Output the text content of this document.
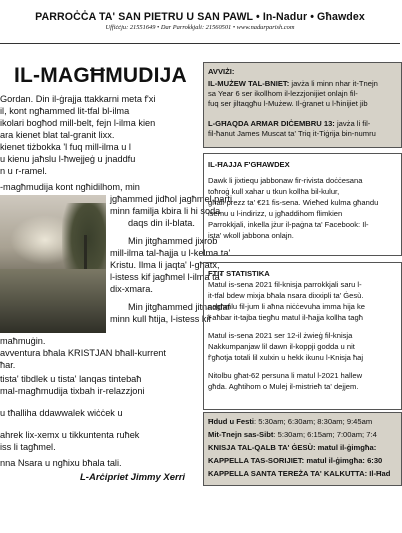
PARROĊĊA TA' SAN PIETRU U SAN PAWL • In-Nadur • Għawdex
Uffiċċju: 21551649 • Dar Parrokkjali: 21560501 • www.nadurparish.com
IL-MAGĦMUDIJA
Gordan. Din il-ġrajja ttakkarni meta f'xi
il, kont ngħammed lit-tfal bl-ilma
ikolari bogħod mill-belt, fejn l-ilma kien
ara kienet blat tal-granit lixx.
kienet tiżbokka 'l fuq mill-ilma u l
u kienu jaħslu l-ħwejjeġ u jnaddfu
n u r-ramel.
-magħmudija kont ngħidilhom, min
jgħammed jidħol jagħmel parti
minn familja kbira li hi soda
daqs din il-blata.
Min jitgħammed jixrob
mill-ilma tal-ħajja u l-kelma ta'
Kristu. Ilma li jaqta' l-għatx,
l-istess kif jagħmel l-ilma ta'
dix-xmara.
Min jitgħammed jitnaddaf
minn kull ħtija, l-istess kif
maħmuġin.
avventura bħala KRISTJAN bħall-kurrent
ħar.
tista' tibdlek u tista' lanqas tintebaħ
mal-magħmudija tixbah ir-relazzjoni
u tħalliha ddawwalek wiċċek u
ahrek lix-xemx u tikkuntenta ruħek
iss li tagħmel.
nna Nsara u ngħixu bħala tali.
L-Arċipriet Jimmy Xerri
AVVIŻI:
IL-MUŻEW TAL-BNIET: javża li minn nhar it-Tnejn
sa Year 6 ser ikollhom il-lezzjonijiet onlajn fil-
fuq ser jiltaqgħu l-Mużew. Il-ġranet u l-ħinijiet jib
L-GĦAQDA ARMAR DIĊEMBRU 13: javża li fil-
fil-ħanut James Muscat ta' Triq it-Tiġrija bin-numru
IL-ĦAJJA F'GĦAWDEX
Dawk li jixtiequ jabbonaw fir-rivista doċċesana
toħroġ kull xahar u tkun kollha bil-kulur,
għall-prezz ta' €21 fis-sena. Wieħed kulma għandu
isemu u l-indirizz, u jgħaddihom flimkien
Parrokkjali, inkella jżur il-paġna ta' Facebook: Il-
ista' wkoll jabbona onlajn.
FTIT STATISTIKA
Matul is-sena 2021 fil-knisja parrokkjali saru l-
it-tfal bdew mixja bħala nsara dixxipli ta' Ġesù.
nagħmlu fil-jum li aħna niċċevuha imma hija ke
l-aħbar it-tajba tiegħu matul il-ħajja kollha tagħ
Matul is-sena 2021 ser 12-il żwieġ fil-knisja
Nakkumpanjaw lil dawn il-koppji godda u nit
f'għotja totali lil xulxin u hekk ikunu l-Knisja ħaj
Nitolbu għat-62 persuna li matul l-2021 hallew
għda. Agħtihom o Mulej il-mistrieħ ta' dejjem.
Ħdud u Festi: 5:30am; 6:30am; 8:30am; 9:45am
Mit-Tnejn sas-Sibt: 5:30am; 6:15am; 7:00am; 7:4
KNISJA TAL-QALB TA' ĠESÙ: matul il-ġimgħa:
KAPPELLA TAS-SORIJIET: matul il-ġimgħa: 6:30
KAPPELLA SANTA TEREŻA TA' KALKUTTA: Il-Ħad
